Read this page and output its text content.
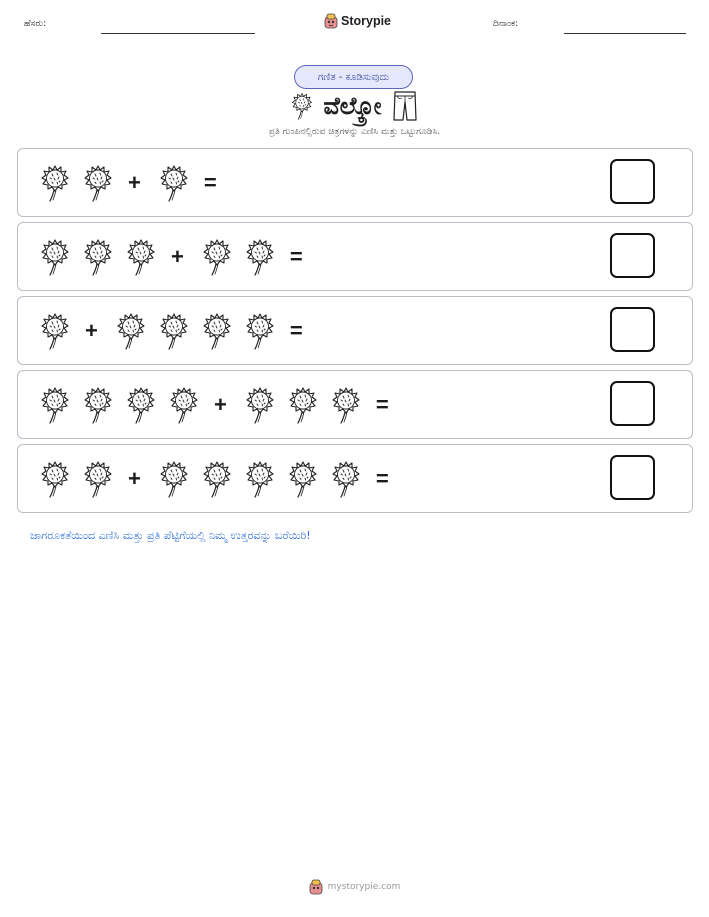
ಹೆಸರು:	Storypie	ದಿನಾಂಕ:
ಗಣಿತ - ಕೂಡಿಸುವುದು
ವೆಲ್ಕ್ರೋ
ಪ್ರತಿ ಗುಂಪಿನಲ್ಲಿರುವ ಚಿತ್ರಗಳನ್ನು ಎಣಿಸಿ ಮತ್ತು ಒಟ್ಟುಗೂಡಿಸಿ.
+	=
+	=
+	=
+	=
+	=
ಜಾಗರೂಕತೆಯಿಂದ ಎಣಿಸಿ ಮತ್ತು ಪ್ರತಿ ಪೆಟ್ಟಿಗೆಯಲ್ಲಿ ನಿಮ್ಮ ಉತ್ತರವನ್ನು ಬರೆಯಿರಿ!
mystorypie.com
